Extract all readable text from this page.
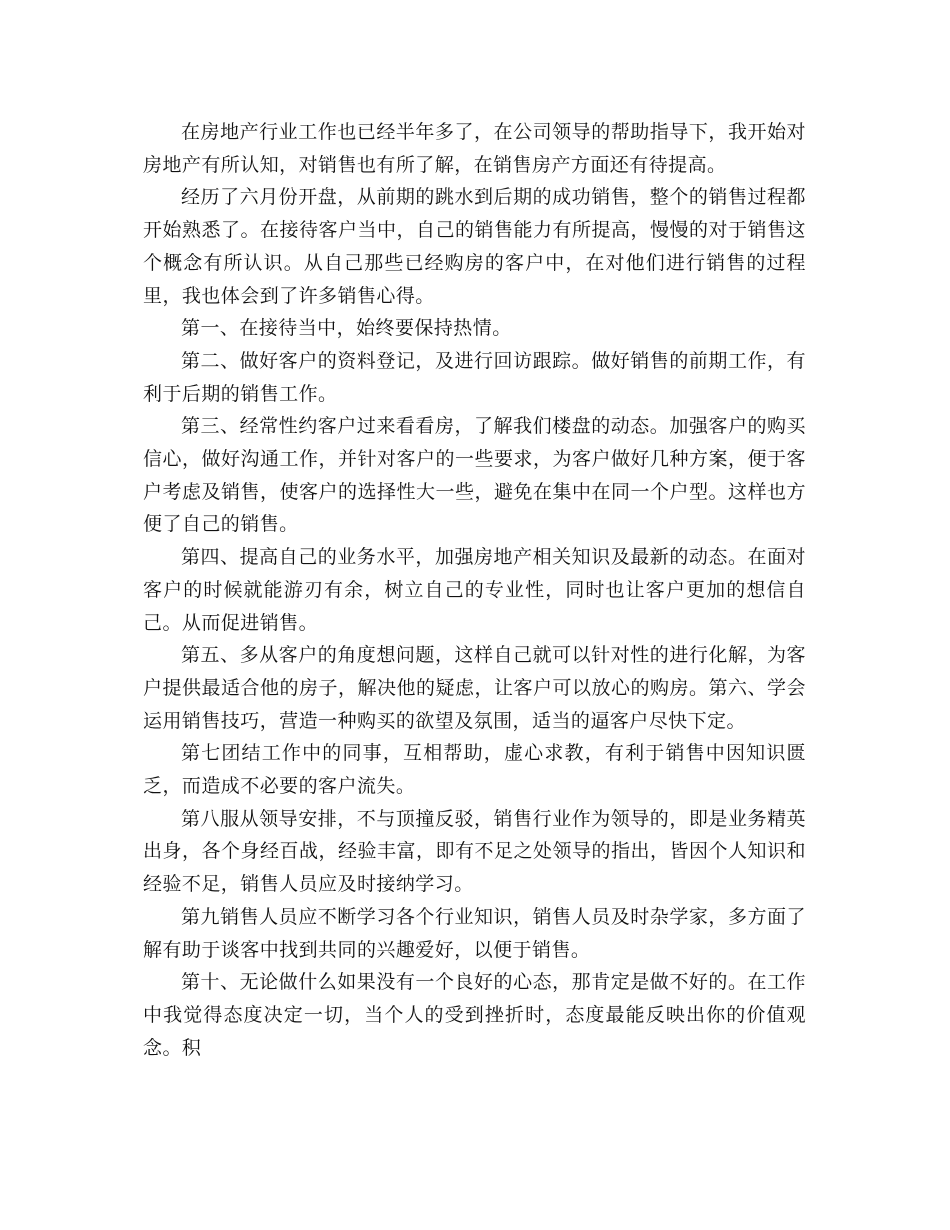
在房地产行业工作也已经半年多了，在公司领导的帮助指导下，我开始对房地产有所认知，对销售也有所了解，在销售房产方面还有待提高。

经历了六月份开盘，从前期的跳水到后期的成功销售，整个的销售过程都开始熟悉了。在接待客户当中，自己的销售能力有所提高，慢慢的对于销售这个概念有所认识。从自己那些已经购房的客户中，在对他们进行销售的过程里，我也体会到了许多销售心得。

第一、在接待当中，始终要保持热情。

第二、做好客户的资料登记，及进行回访跟踪。做好销售的前期工作，有利于后期的销售工作。

第三、经常性约客户过来看看房，了解我们楼盘的动态。加强客户的购买信心，做好沟通工作，并针对客户的一些要求，为客户做好几种方案，便于客户考虑及销售，使客户的选择性大一些，避免在集中在同一个户型。这样也方便了自己的销售。

第四、提高自己的业务水平，加强房地产相关知识及最新的动态。在面对客户的时候就能游刃有余，树立自己的专业性，同时也让客户更加的想信自己。从而促进销售。

第五、多从客户的角度想问题，这样自己就可以针对性的进行化解，为客户提供最适合他的房子，解决他的疑虑，让客户可以放心的购房。第六、学会运用销售技巧，营造一种购买的欲望及氛围，适当的逼客户尽快下定。

第七团结工作中的同事，互相帮助，虚心求教，有利于销售中因知识匮乏，而造成不必要的客户流失。

第八服从领导安排，不与顶撞反驳，销售行业作为领导的，即是业务精英出身，各个身经百战，经验丰富，即有不足之处领导的指出，皆因个人知识和经验不足，销售人员应及时接纳学习。

第九销售人员应不断学习各个行业知识，销售人员及时杂学家，多方面了解有助于谈客中找到共同的兴趣爱好，以便于销售。

第十、无论做什么如果没有一个良好的心态，那肯定是做不好的。在工作中我觉得态度决定一切，当个人的受到挫折时，态度最能反映出你的价值观念。积
